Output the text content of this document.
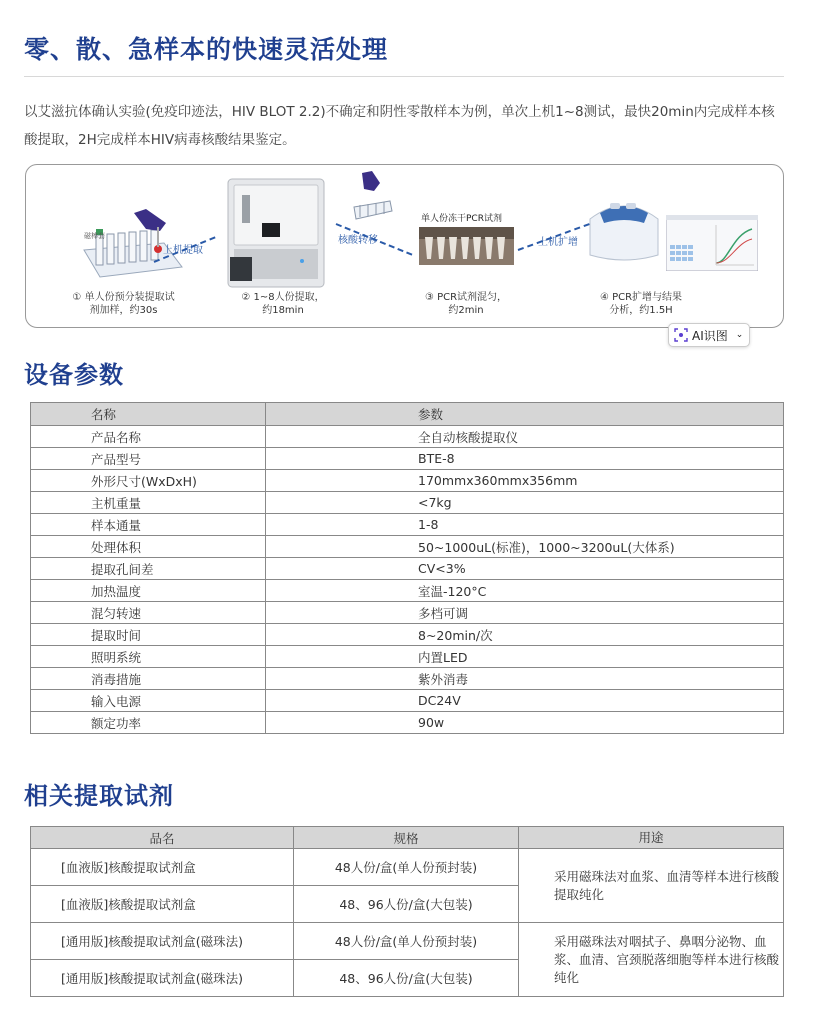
零、散、急样本的快速灵活处理
以艾滋抗体确认实验(免疫印迹法，HIV BLOT 2.2)不确定和阴性零散样本为例，单次上机1~8测试，最快20min内完成样本核酸提取，2H完成样本HIV病毒核酸结果鉴定。
磁棒套
① 单人份预分装提取试
剂加样，约30s
上机提取
② 1~8人份提取，
约18min
核酸转移
单人份冻干PCR试剂
③ PCR试剂混匀，
约2min
上机扩增
④ PCR扩增与结果
分析，约1.5H
AI识图 ⌄
设备参数
名称	参数
产品名称	全自动核酸提取仪
产品型号	BTE-8
外形尺寸(WxDxH)	170mmx360mmx356mm
主机重量	<7kg
样本通量	1-8
处理体积	50~1000uL(标准)，1000~3200uL(大体系)
提取孔间差	CV<3%
加热温度	室温-120°C
混匀转速	多档可调
提取时间	8~20min/次
照明系统	内置LED
消毒措施	紫外消毒
输入电源	DC24V
额定功率	90w
相关提取试剂
品名	规格	用途
[血液版]核酸提取试剂盒	48人份/盒(单人份预封装)	采用磁珠法对血浆、血清等样本进行核酸提取纯化
[血液版]核酸提取试剂盒	48、96人份/盒(大包装)	
[通用版]核酸提取试剂盒(磁珠法)	48人份/盒(单人份预封装)	采用磁珠法对咽拭子、鼻咽分泌物、血浆、血清、宫颈脱落细胞等样本进行核酸纯化
[通用版]核酸提取试剂盒(磁珠法)	48、96人份/盒(大包装)	
